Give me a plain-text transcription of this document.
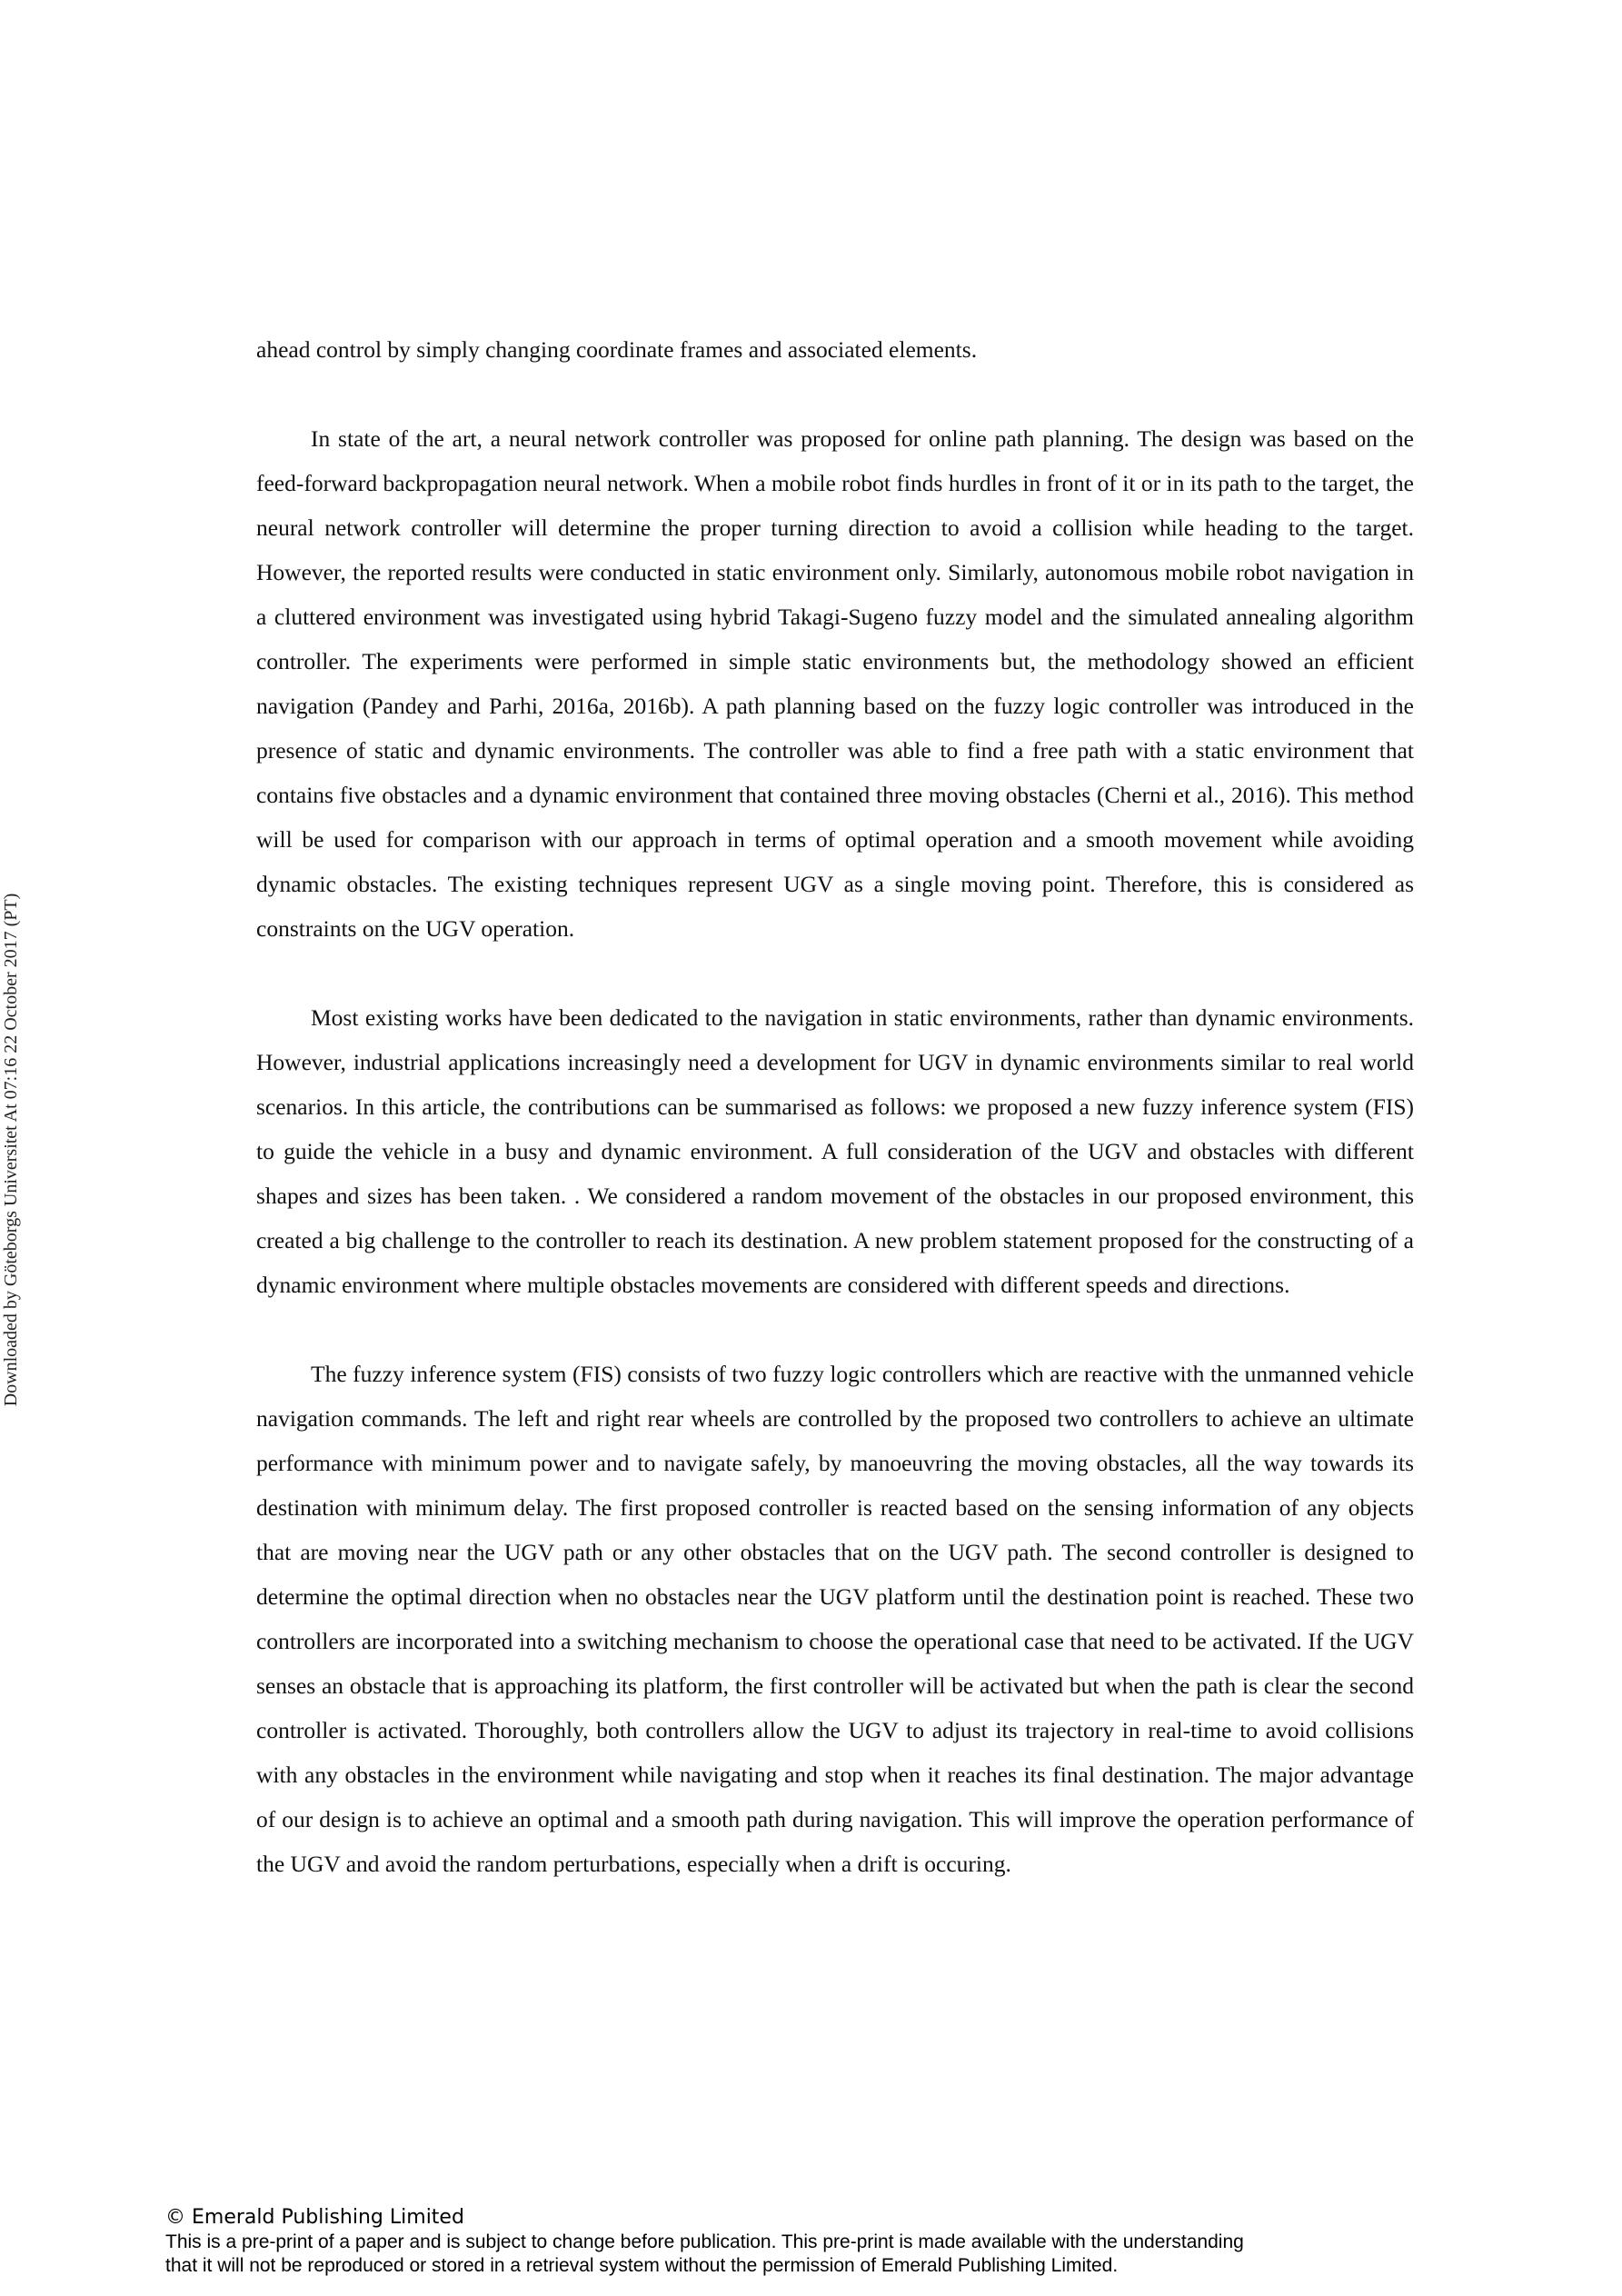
Downloaded by Göteborgs Universitet At 07:16 22 October 2017 (PT)

ahead control by simply changing coordinate frames and associated elements.

In state of the art, a neural network controller was proposed for online path planning. The design was based on the feed-forward backpropagation neural network. When a mobile robot finds hurdles in front of it or in its path to the target, the neural network controller will determine the proper turning direction to avoid a collision while heading to the target. However, the reported results were conducted in static environment only. Similarly, autonomous mobile robot navigation in a cluttered environment was investigated using hybrid Takagi-Sugeno fuzzy model and the simulated annealing algorithm controller. The experiments were performed in simple static environments but, the methodology showed an efficient navigation (Pandey and Parhi, 2016a, 2016b). A path planning based on the fuzzy logic controller was introduced in the presence of static and dynamic environments. The controller was able to find a free path with a static environment that contains five obstacles and a dynamic environment that contained three moving obstacles (Cherni et al., 2016). This method will be used for comparison with our approach in terms of optimal operation and a smooth movement while avoiding dynamic obstacles. The existing techniques represent UGV as a single moving point. Therefore, this is considered as constraints on the UGV operation.

Most existing works have been dedicated to the navigation in static environments, rather than dynamic environments. However, industrial applications increasingly need a development for UGV in dynamic environments similar to real world scenarios. In this article, the contributions can be summarised as follows: we proposed a new fuzzy inference system (FIS) to guide the vehicle in a busy and dynamic environment. A full consideration of the UGV and obstacles with different shapes and sizes has been taken. . We considered a random movement of the obstacles in our proposed environment, this created a big challenge to the controller to reach its destination. A new problem statement proposed for the constructing of a dynamic environment where multiple obstacles movements are considered with different speeds and directions.

The fuzzy inference system (FIS) consists of two fuzzy logic controllers which are reactive with the unmanned vehicle navigation commands. The left and right rear wheels are controlled by the proposed two controllers to achieve an ultimate performance with minimum power and to navigate safely, by manoeuvring the moving obstacles, all the way towards its destination with minimum delay. The first proposed controller is reacted based on the sensing information of any objects that are moving near the UGV path or any other obstacles that on the UGV path. The second controller is designed to determine the optimal direction when no obstacles near the UGV platform until the destination point is reached. These two controllers are incorporated into a switching mechanism to choose the operational case that need to be activated. If the UGV senses an obstacle that is approaching its platform, the first controller will be activated but when the path is clear the second controller is activated. Thoroughly, both controllers allow the UGV to adjust its trajectory in real-time to avoid collisions with any obstacles in the environment while navigating and stop when it reaches its final destination. The major advantage of our design is to achieve an optimal and a smooth path during navigation. This will improve the operation performance of the UGV and avoid the random perturbations, especially when a drift is occuring.

© Emerald Publishing Limited
This is a pre-print of a paper and is subject to change before publication. This pre-print is made available with the understanding
that it will not be reproduced or stored in a retrieval system without the permission of Emerald Publishing Limited.
